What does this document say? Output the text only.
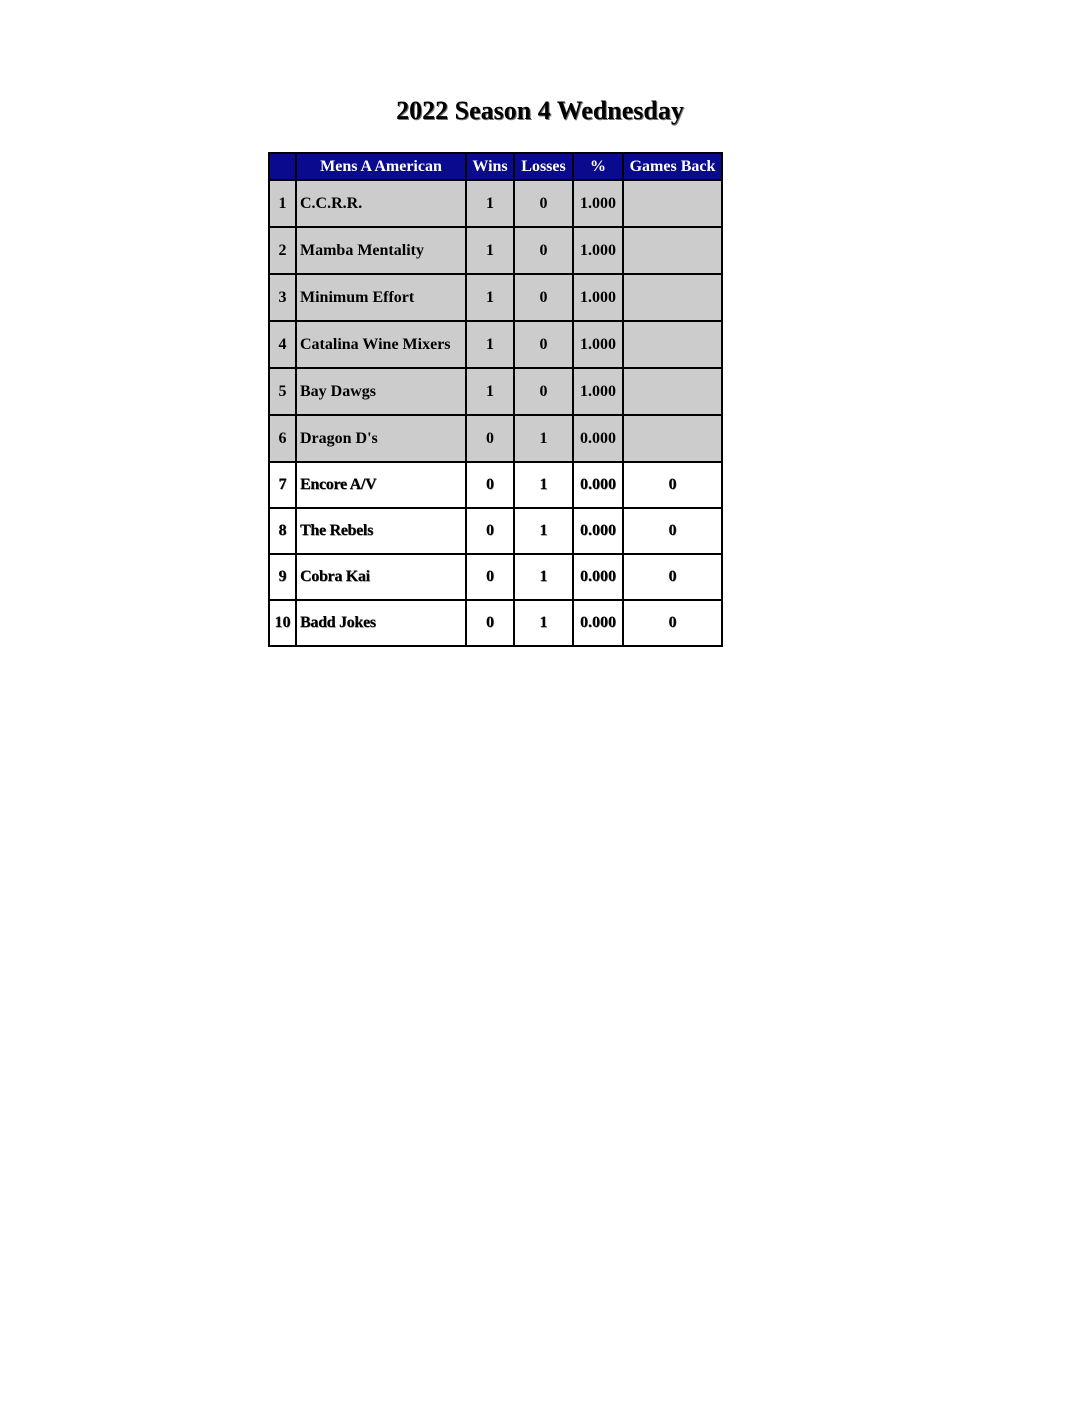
2022 Season 4 Wednesday
	Mens A American	Wins	Losses	%	Games Back
1	C.C.R.R.	1	0	1.000	
2	Mamba Mentality	1	0	1.000	
3	Minimum Effort	1	0	1.000	
4	Catalina Wine Mixers	1	0	1.000	
5	Bay Dawgs	1	0	1.000	
6	Dragon D's	0	1	0.000	
7	Encore A/V	0	1	0.000	0
8	The Rebels	0	1	0.000	0
9	Cobra Kai	0	1	0.000	0
10	Badd Jokes	0	1	0.000	0
